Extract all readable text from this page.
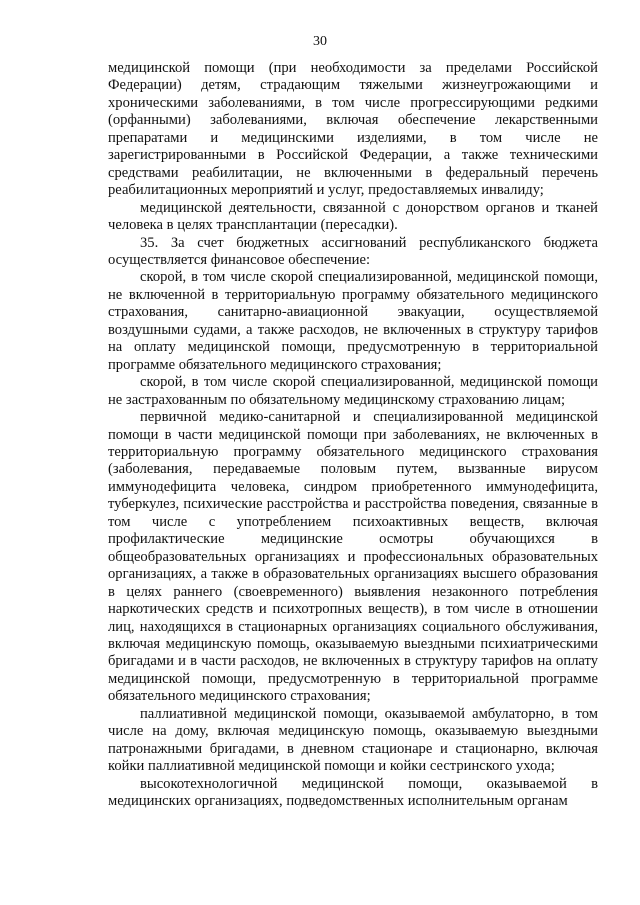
30

медицинской помощи (при необходимости за пределами Российской Федерации) детям, страдающим тяжелыми жизнеугрожающими и хроническими заболеваниями, в том числе прогрессирующими редкими (орфанными) заболеваниями, включая обеспечение лекарственными препаратами и медицинскими изделиями, в том числе не зарегистрированными в Российской Федерации, а также техническими средствами реабилитации, не включенными в федеральный перечень реабилитационных мероприятий и услуг, предоставляемых инвалиду;

медицинской деятельности, связанной с донорством органов и тканей человека в целях трансплантации (пересадки).

35. За счет бюджетных ассигнований республиканского бюджета осуществляется финансовое обеспечение:

скорой, в том числе скорой специализированной, медицинской помощи, не включенной в территориальную программу обязательного медицинского страхования, санитарно-авиационной эвакуации, осуществляемой воздушными судами, а также расходов, не включенных в структуру тарифов на оплату медицинской помощи, предусмотренную в территориальной программе обязательного медицинского страхования;

скорой, в том числе скорой специализированной, медицинской помощи не застрахованным по обязательному медицинскому страхованию лицам;

первичной медико-санитарной и специализированной медицинской помощи в части медицинской помощи при заболеваниях, не включенных в территориальную программу обязательного медицинского страхования (заболевания, передаваемые половым путем, вызванные вирусом иммунодефицита человека, синдром приобретенного иммунодефицита, туберкулез, психические расстройства и расстройства поведения, связанные в том числе с употреблением психоактивных веществ, включая профилактические медицинские осмотры обучающихся в общеобразовательных организациях и профессиональных образовательных организациях, а также в образовательных организациях высшего образования в целях раннего (своевременного) выявления незаконного потребления наркотических средств и психотропных веществ), в том числе в отношении лиц, находящихся в стационарных организациях социального обслуживания, включая медицинскую помощь, оказываемую выездными психиатрическими бригадами и в части расходов, не включенных в структуру тарифов на оплату медицинской помощи, предусмотренную в территориальной программе обязательного медицинского страхования;

паллиативной медицинской помощи, оказываемой амбулаторно, в том числе на дому, включая медицинскую помощь, оказываемую выездными патронажными бригадами, в дневном стационаре и стационарно, включая койки паллиативной медицинской помощи и койки сестринского ухода;

высокотехнологичной медицинской помощи, оказываемой в медицинских организациях, подведомственных исполнительным органам
